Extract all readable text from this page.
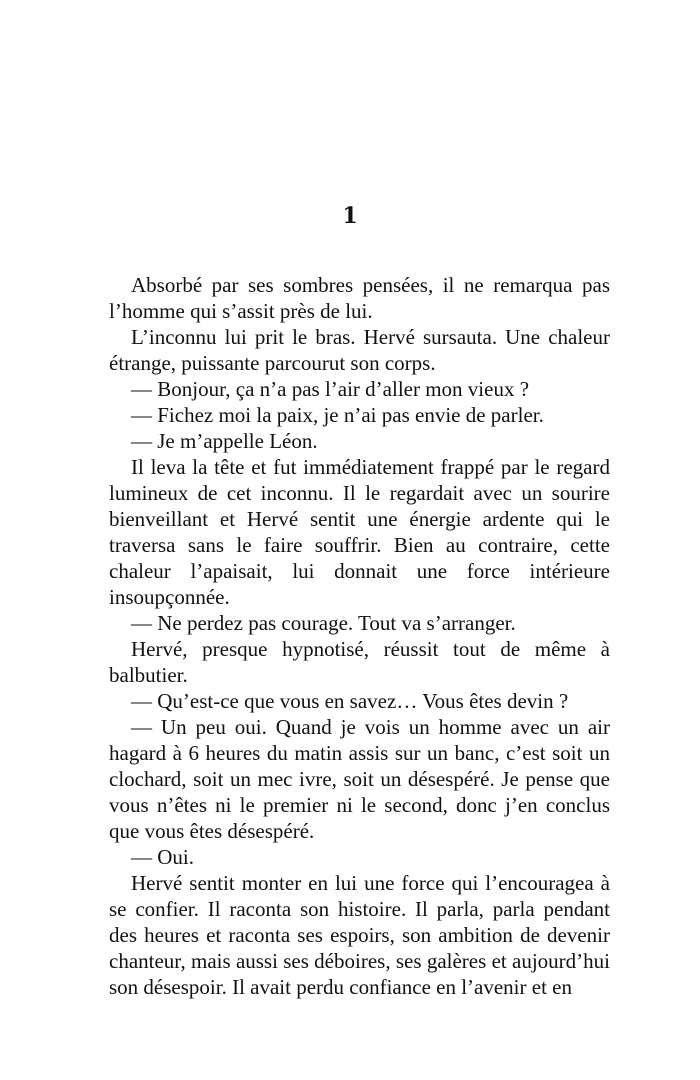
1

Absorbé par ses sombres pensées, il ne remarqua pas l’homme qui s’assit près de lui.

L’inconnu lui prit le bras. Hervé sursauta. Une chaleur étrange, puissante parcourut son corps.

— Bonjour, ça n’a pas l’air d’aller mon vieux ?

— Fichez moi la paix, je n’ai pas envie de parler.

— Je m’appelle Léon.

Il leva la tête et fut immédiatement frappé par le regard lumineux de cet inconnu. Il le regardait avec un sourire bienveillant et Hervé sentit une énergie ardente qui le traversa sans le faire souffrir. Bien au contraire, cette chaleur l’apaisait, lui donnait une force intérieure insoupçonnée.

— Ne perdez pas courage. Tout va s’arranger.

Hervé, presque hypnotisé, réussit tout de même à balbutier.

— Qu’est-ce que vous en savez… Vous êtes devin ?

— Un peu oui. Quand je vois un homme avec un air hagard à 6 heures du matin assis sur un banc, c’est soit un clochard, soit un mec ivre, soit un désespéré. Je pense que vous n’êtes ni le premier ni le second, donc j’en conclus que vous êtes désespéré.

— Oui.

Hervé sentit monter en lui une force qui l’encouragea à se confier. Il raconta son histoire. Il parla, parla pendant des heures et raconta ses espoirs, son ambition de devenir chanteur, mais aussi ses déboires, ses galères et aujourd’hui son désespoir. Il avait perdu confiance en l’avenir et en
